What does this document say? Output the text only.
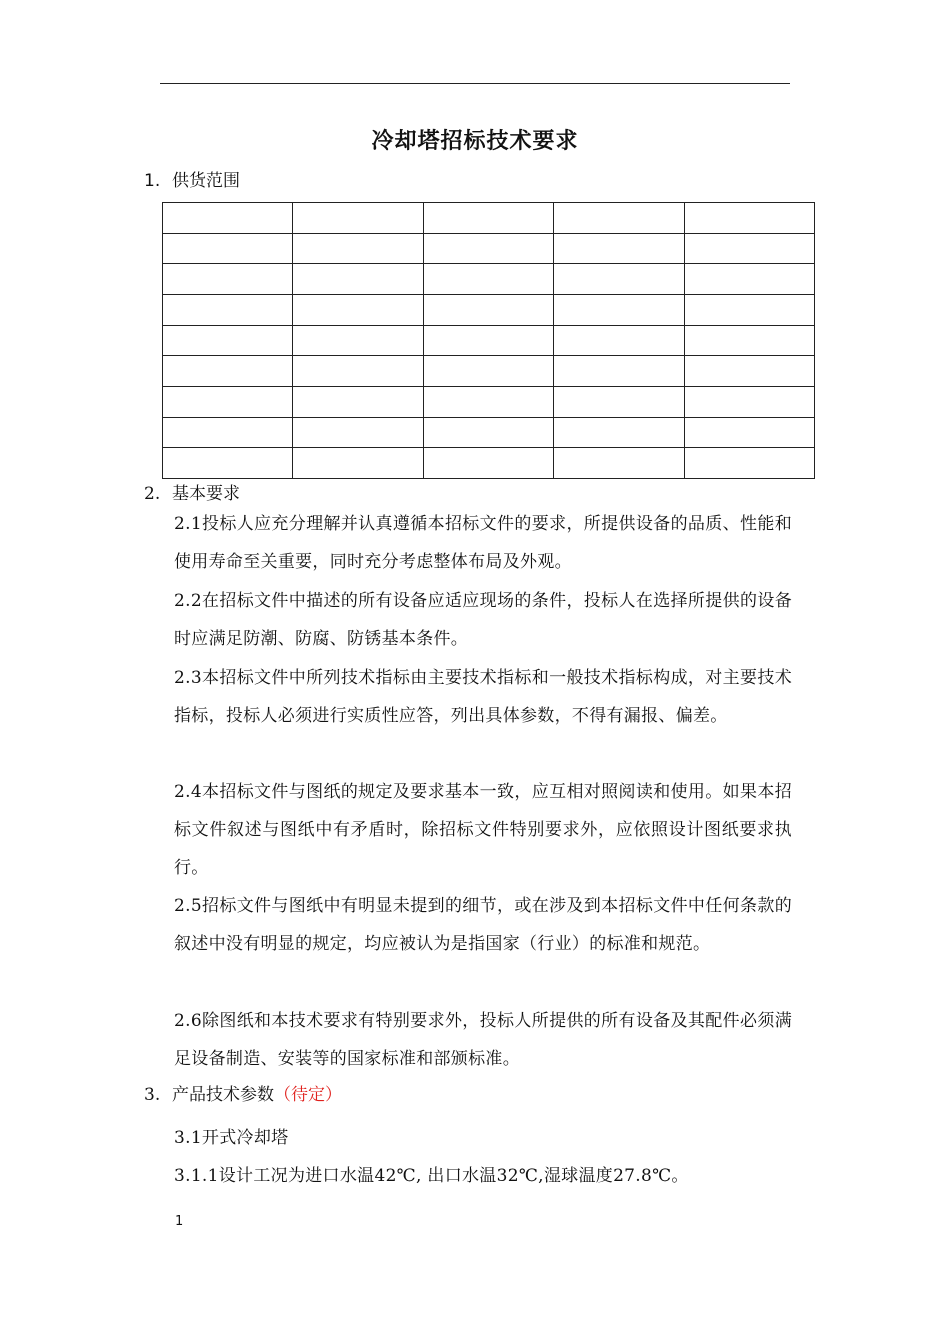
冷却塔招标技术要求
1. 供货范围

2. 基本要求
2.1投标人应充分理解并认真遵循本招标文件的要求，所提供设备的品质、性能和使用寿命至关重要，同时充分考虑整体布局及外观。
2.2在招标文件中描述的所有设备应适应现场的条件，投标人在选择所提供的设备时应满足防潮、防腐、防锈基本条件。
2.3本招标文件中所列技术指标由主要技术指标和一般技术指标构成，对主要技术指标，投标人必须进行实质性应答，列出具体参数，不得有漏报、偏差。
2.4本招标文件与图纸的规定及要求基本一致，应互相对照阅读和使用。如果本招标文件叙述与图纸中有矛盾时，除招标文件特别要求外，应依照设计图纸要求执行。
2.5招标文件与图纸中有明显未提到的细节，或在涉及到本招标文件中任何条款的叙述中没有明显的规定，均应被认为是指国家（行业）的标准和规范。
2.6除图纸和本技术要求有特别要求外，投标人所提供的所有设备及其配件必须满足设备制造、安装等的国家标准和部颁标准。
3. 产品技术参数（待定）
3.1开式冷却塔
3.1.1设计工况为进口水温42℃, 出口水温32℃,湿球温度27.8℃。
1
